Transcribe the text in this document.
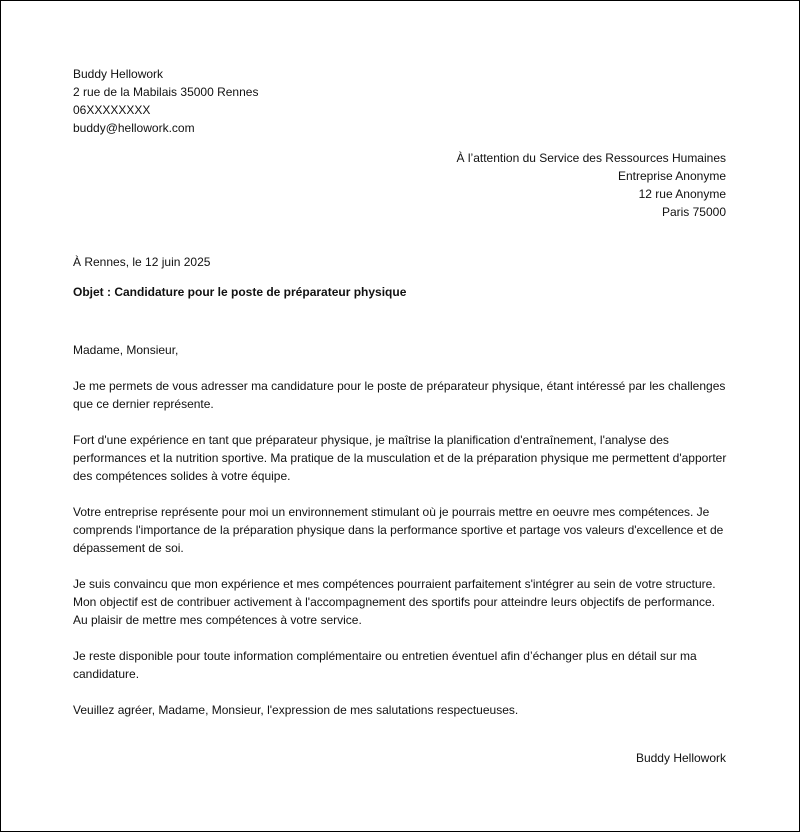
Buddy Hellowork
2 rue de la Mabilais 35000 Rennes
06XXXXXXXX
buddy@hellowork.com
À l’attention du Service des Ressources Humaines
Entreprise Anonyme
12 rue Anonyme
Paris 75000
À Rennes, le 12 juin 2025
Objet : Candidature pour le poste de préparateur physique

Madame, Monsieur,

Je me permets de vous adresser ma candidature pour le poste de préparateur physique, étant intéressé par les challenges que ce dernier représente.

Fort d'une expérience en tant que préparateur physique, je maîtrise la planification d'entraînement, l'analyse des performances et la nutrition sportive. Ma pratique de la musculation et de la préparation physique me permettent d'apporter des compétences solides à votre équipe.

Votre entreprise représente pour moi un environnement stimulant où je pourrais mettre en oeuvre mes compétences. Je comprends l'importance de la préparation physique dans la performance sportive et partage vos valeurs d'excellence et de dépassement de soi.

Je suis convaincu que mon expérience et mes compétences pourraient parfaitement s'intégrer au sein de votre structure. Mon objectif est de contribuer activement à l'accompagnement des sportifs pour atteindre leurs objectifs de performance. Au plaisir de mettre mes compétences à votre service.

Je reste disponible pour toute information complémentaire ou entretien éventuel afin d’échanger plus en détail sur ma candidature.

Veuillez agréer, Madame, Monsieur, l'expression de mes salutations respectueuses.

Buddy Hellowork
